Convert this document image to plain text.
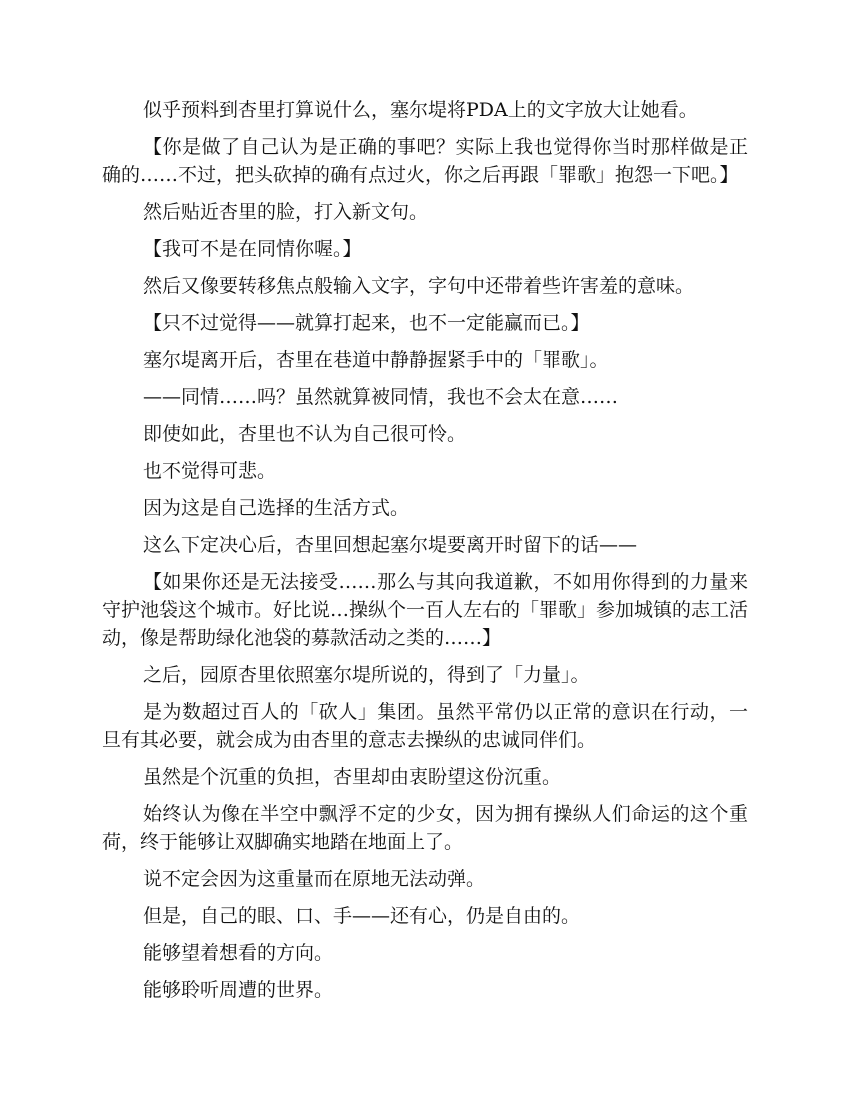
似乎预料到杏里打算说什么，塞尔堤将PDA上的文字放大让她看。

【你是做了自己认为是正确的事吧？实际上我也觉得你当时那样做是正确的……不过，把头砍掉的确有点过火，你之后再跟「罪歌」抱怨一下吧。】

然后贴近杏里的脸，打入新文句。

【我可不是在同情你喔。】

然后又像要转移焦点般输入文字，字句中还带着些许害羞的意味。

【只不过觉得——就算打起来，也不一定能赢而已。】

塞尔堤离开后，杏里在巷道中静静握紧手中的「罪歌」。

——同情……吗？虽然就算被同情，我也不会太在意……

即使如此，杏里也不认为自己很可怜。

也不觉得可悲。

因为这是自己选择的生活方式。

这么下定决心后，杏里回想起塞尔堤要离开时留下的话——

【如果你还是无法接受……那么与其向我道歉，不如用你得到的力量来守护池袋这个城市。好比说…操纵个一百人左右的「罪歌」参加城镇的志工活动，像是帮助绿化池袋的募款活动之类的……】

之后，园原杏里依照塞尔堤所说的，得到了「力量」。

是为数超过百人的「砍人」集团。虽然平常仍以正常的意识在行动，一旦有其必要，就会成为由杏里的意志去操纵的忠诚同伴们。

虽然是个沉重的负担，杏里却由衷盼望这份沉重。

始终认为像在半空中飘浮不定的少女，因为拥有操纵人们命运的这个重荷，终于能够让双脚确实地踏在地面上了。

说不定会因为这重量而在原地无法动弹。

但是，自己的眼、口、手——还有心，仍是自由的。

能够望着想看的方向。

能够聆听周遭的世界。
